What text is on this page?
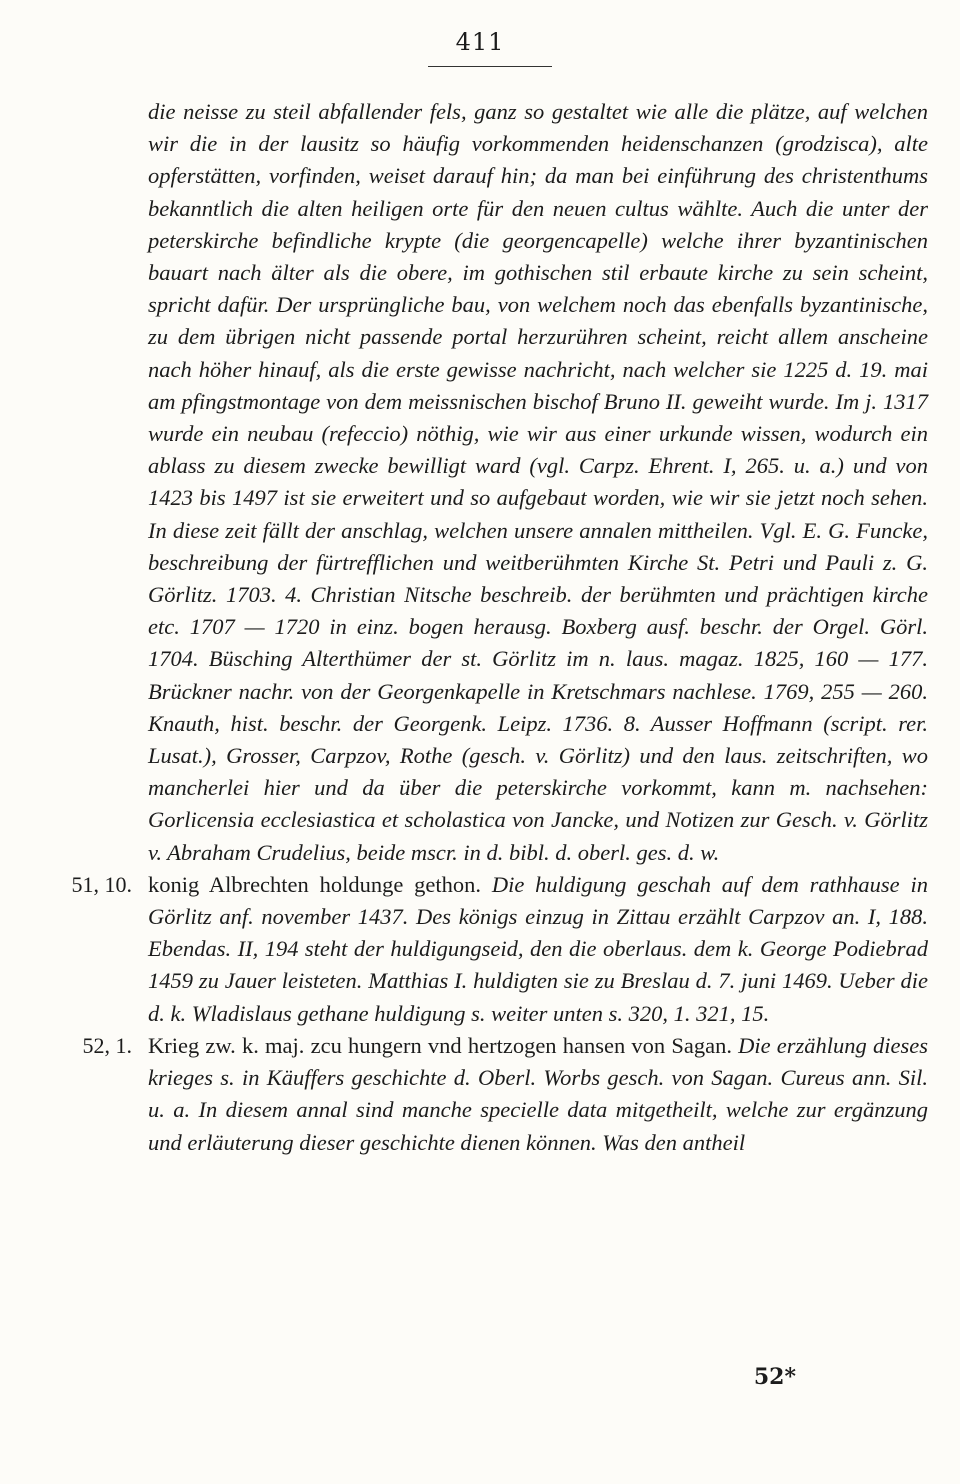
411
die neisse zu steil abfallender fels, ganz so gestaltet wie alle die plätze, auf welchen wir die in der lausitz so häufig vorkommenden heidenschanzen (grodzisca), alte opferstätten, vorfinden, weiset darauf hin; da man bei einführung des christenthums bekanntlich die alten heiligen orte für den neuen cultus wählte. Auch die unter der peterskirche befindliche krypte (die georgencapelle) welche ihrer byzantinischen bauart nach älter als die obere, im gothischen stil erbaute kirche zu sein scheint, spricht dafür. Der ursprüngliche bau, von welchem noch das ebenfalls byzantinische, zu dem übrigen nicht passende portal herzurühren scheint, reicht allem anscheine nach höher hinauf, als die erste gewisse nachricht, nach welcher sie 1225 d. 19. mai am pfingstmontage von dem meissnischen bischof Bruno II. geweiht wurde. Im j. 1317 wurde ein neubau (refeccio) nöthig, wie wir aus einer urkunde wissen, wodurch ein ablass zu diesem zwecke bewilligt ward (vgl. Carpz. Ehrent. I, 265. u. a.) und von 1423 bis 1497 ist sie erweitert und so aufgebaut worden, wie wir sie jetzt noch sehen. In diese zeit fällt der anschlag, welchen unsere annalen mittheilen. Vgl. E. G. Funcke, beschreibung der fürtrefflichen und weitberühmten Kirche St. Petri und Pauli z. G. Görlitz. 1703. 4. Christian Nitsche beschreib. der berühmten und prächtigen kirche etc. 1707 — 1720 in einz. bogen herausg. Boxberg ausf. beschr. der Orgel. Görl. 1704. Büsching Alterthümer der st. Görlitz im n. laus. magaz. 1825, 160 — 177. Brückner nachr. von der Georgenkapelle in Kretschmars nachlese. 1769, 255 — 260. Knauth, hist. beschr. der Georgenk. Leipz. 1736. 8. Ausser Hoffmann (script. rer. Lusat.), Grosser, Carpzov, Rothe (gesch. v. Görlitz) und den laus. zeitschriften, wo mancherlei hier und da über die peterskirche vorkommt, kann m. nachsehen: Gorlicensia ecclesiastica et scholastica von Jancke, und Notizen zur Gesch. v. Görlitz v. Abraham Crudelius, beide mscr. in d. bibl. d. oberl. ges. d. w.
51, 10. konig Albrechten holdunge gethon. Die huldigung geschah auf dem rathhause in Görlitz anf. november 1437. Des königs einzug in Zittau erzählt Carpzov an. I, 188. Ebendas. II, 194 steht der huldigungseid, den die oberlaus. dem k. George Podiebrad 1459 zu Jauer leisteten. Matthias I. huldigten sie zu Breslau d. 7. juni 1469. Ueber die d. k. Wladislaus gethane huldigung s. weiter unten s. 320, 1. 321, 15.
52, 1. Krieg zw. k. maj. zcu hungern vnd hertzogen hansen von Sagan. Die erzählung dieses krieges s. in Käuffers geschichte d. Oberl. Worbs gesch. von Sagan. Cureus ann. Sil. u. a. In diesem annal sind manche specielle data mitgetheilt, welche zur ergänzung und erläuterung dieser geschichte dienen können. Was den antheil
52*
